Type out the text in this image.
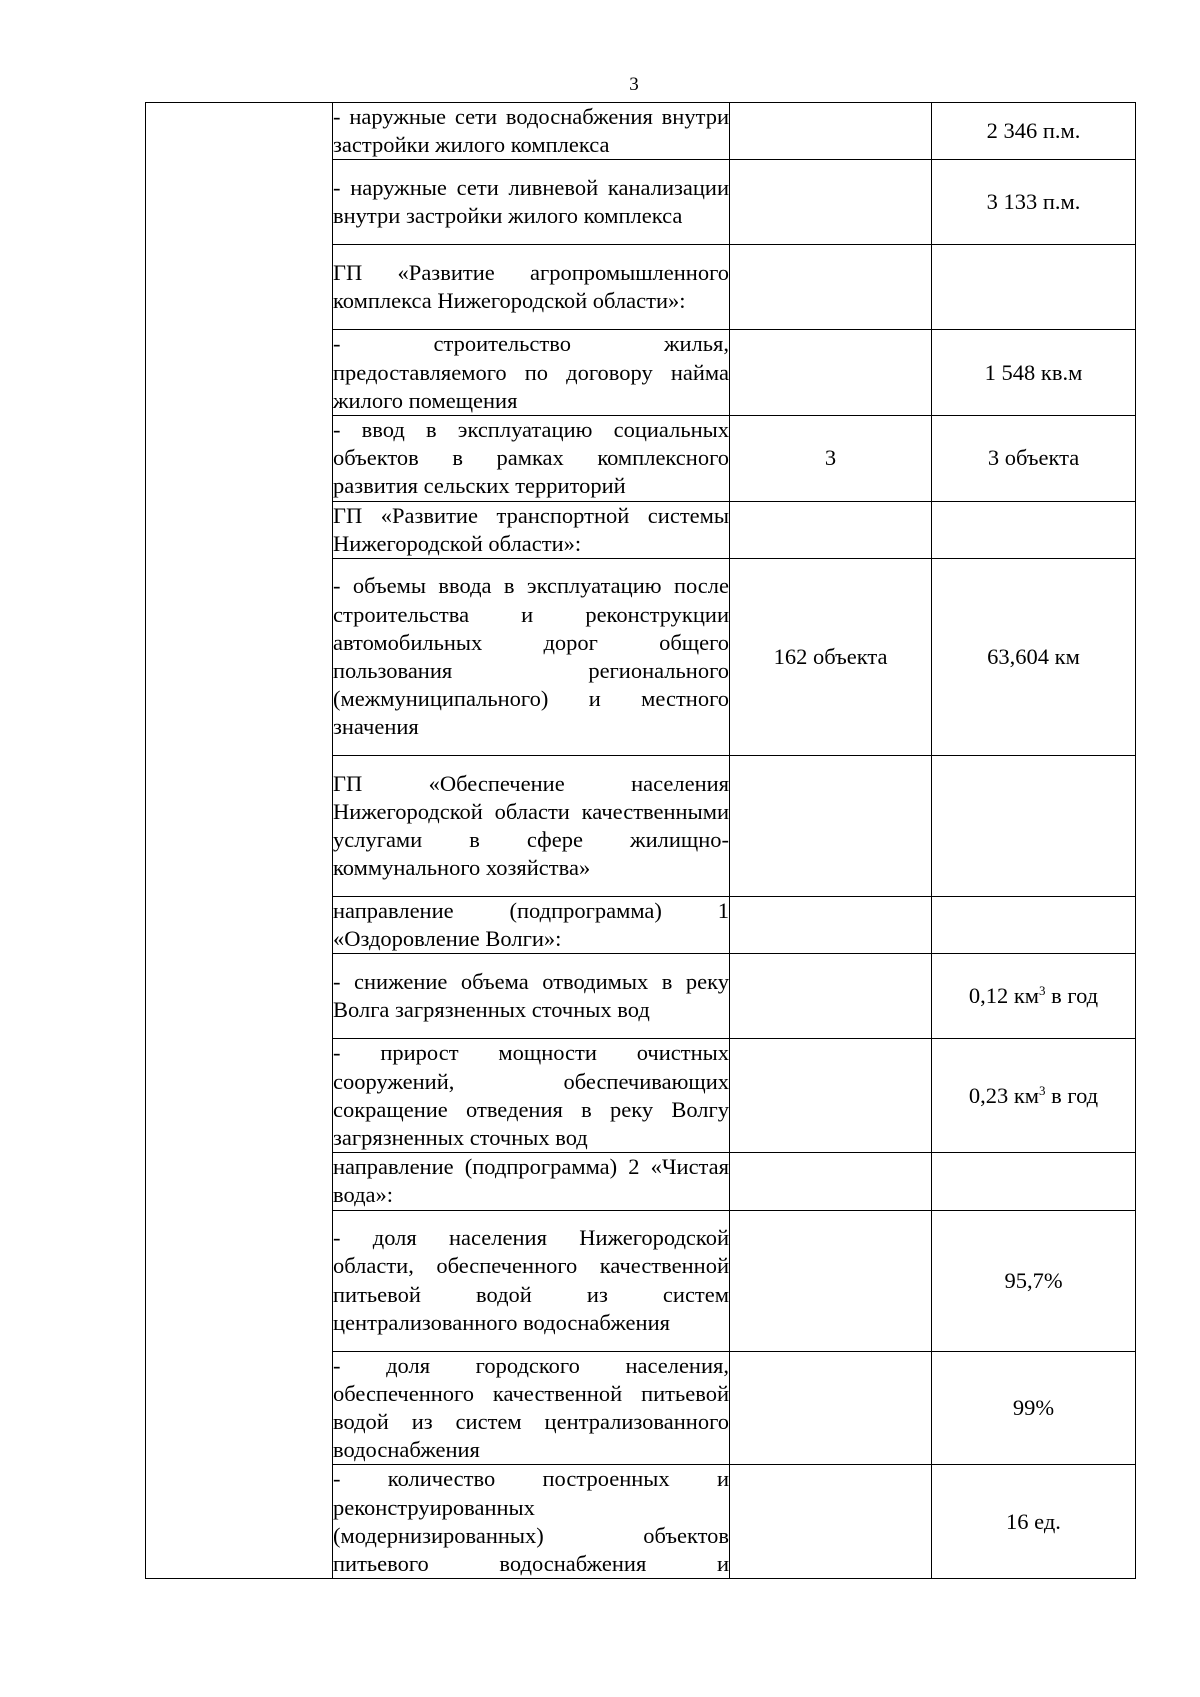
3
	- наружные сети водоснабжения внутри застройки жилого комплекса		2 346 п.м.
	- наружные сети ливневой канализации внутри застройки жилого комплекса		3 133 п.м.
	ГП «Развитие агропромышленного комплекса Нижегородской области»:		
	- строительство жилья, предоставляемого по договору найма жилого помещения		1 548 кв.м
	- ввод в эксплуатацию социальных объектов в рамках комплексного развития сельских территорий	3	3 объекта
	ГП «Развитие транспортной системы Нижегородской области»:		
	- объемы ввода в эксплуатацию после строительства и реконструкции автомобильных дорог общего пользования регионального (межмуниципального) и местного значения	162 объекта	63,604 км
	ГП «Обеспечение населения Нижегородской области качественными услугами в сфере жилищно-коммунального хозяйства»		
	направление (подпрограмма) 1 «Оздоровление Волги»:		
	- снижение объема отводимых в реку Волга загрязненных сточных вод		0,12 $км^3$ в год
	- прирост мощности очистных сооружений, обеспечивающих сокращение отведения в реку Волгу загрязненных сточных вод		0,23 $км^3$ в год
	направление (подпрограмма) 2 «Чистая вода»:		
	- доля населения Нижегородской области, обеспеченного качественной питьевой водой из систем централизованного водоснабжения		95,7%
	- доля городского населения, обеспеченного качественной питьевой водой из систем централизованного водоснабжения		99%
	- количество построенных и реконструированных (модернизированных) объектов питьевого водоснабжения и		16 ед.
